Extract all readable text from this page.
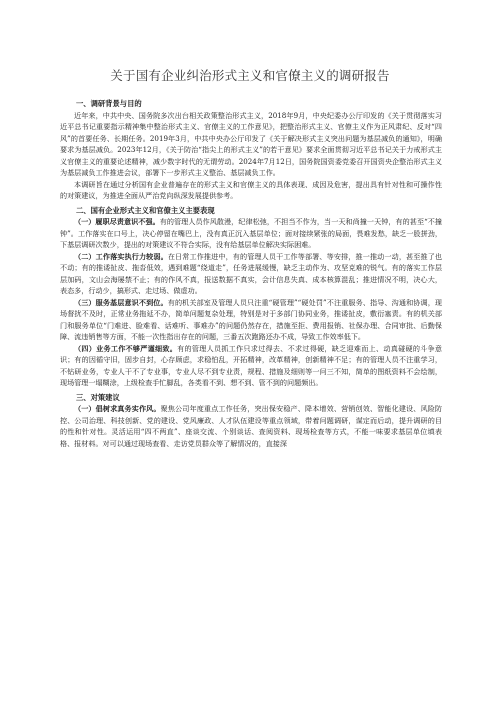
关于国有企业纠治形式主义和官僚主义的调研报告
一、调研背景与目的

近年来，中共中央、国务院多次出台相关政策整治形式主义，2018年9月，中央纪委办公厅印发的《关于贯彻落实习近平总书记重要指示精神集中整治形式主义、官僚主义的工作意见》，把整治形式主义、官僚主义作为正风肃纪、反对“四风”的首要任务、长期任务。2019年3月，中共中央办公厅印发了《关于解决形式主义突出问题为基层减负的通知》，明确要求为基层减负。2023年12月，《关于防治“指尖上的形式主义”的若干意见》要求全面贯彻习近平总书记关于力戒形式主义官僚主义的重要论述精神，减少数字时代的无谓劳动。2024年7月12日，国务院国资委党委召开国资央企整治形式主义为基层减负工作推进会议，部署下一步形式主义整治、基层减负工作。

本调研旨在通过分析国有企业普遍存在的形式主义和官僚主义的具体表现、成因及危害，提出具有针对性和可操作性的对策建议，为推进全面从严治党向纵深发展提供参考。

二、国有企业形式主义和官僚主义主要表现

（一）履职尽责意识不强。有的管理人员作风散漫，纪律松弛，不担当不作为，当一天和尚撞一天钟，有的甚至“不撞钟”。工作落实在口号上，决心停留在嘴巴上，没有真正沉入基层单位；面对接续紧张的局面，畏难发愁，缺乏一股拼劲，下基层调研次数少，提出的对策建议不符合实际，没有给基层单位解决实际困难。

（二）工作落实执行力较弱。在日常工作推进中，有的管理人员干工作等部署、等安排，推一推动一动，甚至推了也不动；有的推诿扯皮、拖沓低效，遇到难题“绕道走”，任务进展缓慢，缺乏主动作为、攻坚克难的锐气。有的落实工作层层加码，文山会海屡禁不止；有的作风不真，报送数据不真实，会计信息失真、成本核算混乱；推进情况不明，决心大，表态多，行动少，搞形式、走过场、做虚功。

（三）服务基层意识不到位。有的机关部室及管理人员只注重“硬管理”“硬处罚”不注重服务、指导、沟通和协调，现场督扰不及时，正常业务拖延不办，简单问题复杂处理，特别是对于多部门协同业务，推诿扯皮，敷衍塞责。有的机关部门和服务单位“门难进、脸难看、话难听、事难办”的问题仍然存在，措施至拒、费用报销、社保办理、合同审批、后勤保障、流违销售等方面，不能一次性指出存在的问题，三番五次跑路还办不成，导致工作效率低下。

（四）业务工作不够严谨细致。有的管理人员抓工作只求过得去、不求过得硬，缺乏迎难而上、动真碰硬的斗争意识；有的因循守旧，固步自封，心存顾虑，求稳怕乱，开拓精神，改革精神，创新精神不足；有的管理人员不注重学习，不钻研业务，专业人干不了专业事，专业人尽不到专业责，规程、措施及细则等一问三不知，简单的图纸资料不会绘制，现场管理一塌糊涂，上级检查手忙脚乱，各类看不到、想不到、管不到的问题频出。

三、对策建议

（一）倡树求真务实作风。聚焦公司年度重点工作任务，突出保安稳产、降本增效、营销创效、智能化建设、风险防控、公司治理、科技创新、党的建设、党风廉政、人才队伍建设等重点领域，带着问题调研，谋定而后动，提升调研的目的性和针对性。灵活运用“四不两直”、座谈交流、个别谈话、查阅资料、现场检查等方式，不能一味要求基层单位填表格、报材料。对可以通过现场查看、走访党员群众等了解情况的，直接深
